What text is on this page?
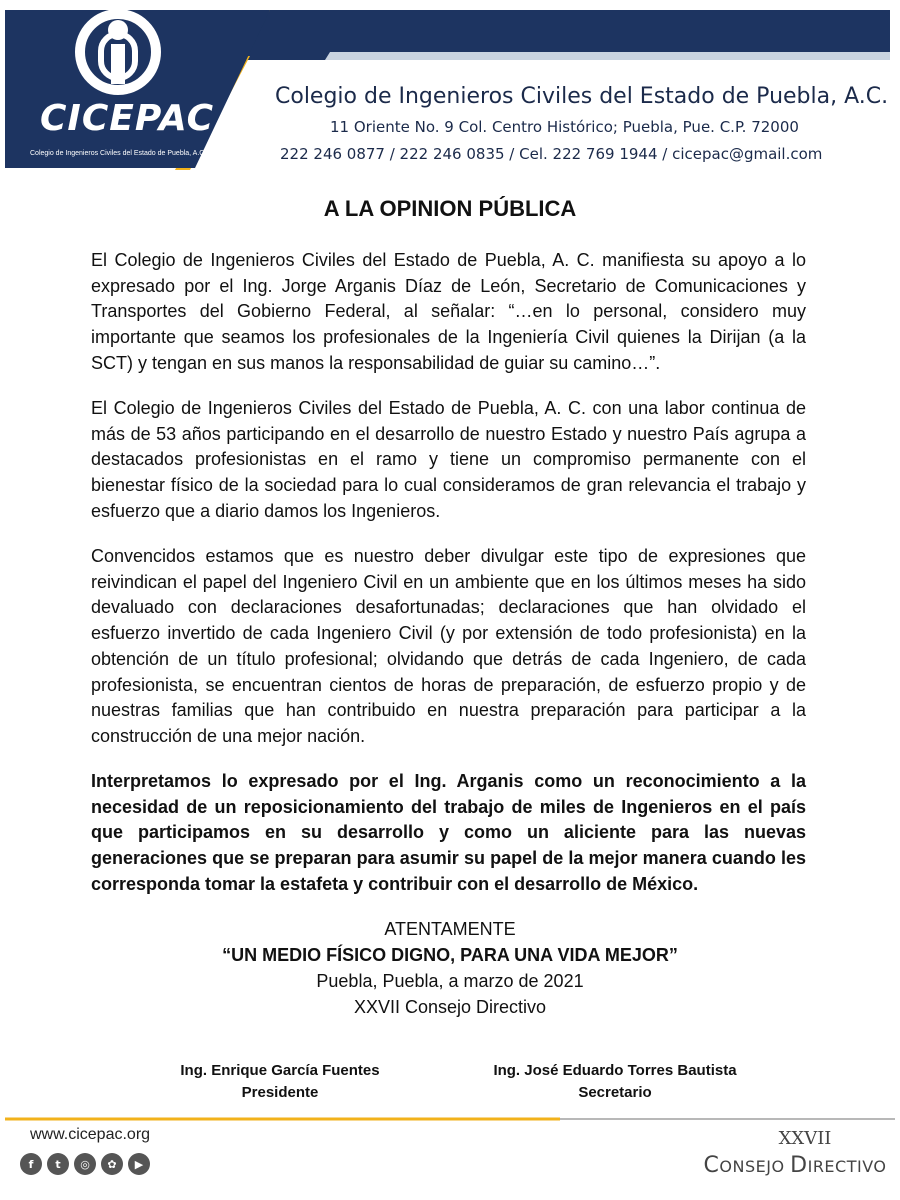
CICEPAC
Colegio de Ingenieros Civiles del Estado de Puebla, A.C.
Colegio de Ingenieros Civiles del Estado de Puebla, A.C.
11 Oriente No. 9 Col. Centro Histórico; Puebla, Pue. C.P. 72000
222 246 0877 / 222 246 0835 / Cel. 222 769 1944 / cicepac@gmail.com
A LA OPINION PÚBLICA

El Colegio de Ingenieros Civiles del Estado de Puebla, A. C. manifiesta su apoyo a lo expresado por el Ing. Jorge Arganis Díaz de León, Secretario de Comunicaciones y Transportes del Gobierno Federal, al señalar: “…en lo personal, considero muy importante que seamos los profesionales de la Ingeniería Civil quienes la Dirijan (a la SCT) y tengan en sus manos la responsabilidad de guiar su camino…”.

El Colegio de Ingenieros Civiles del Estado de Puebla, A. C. con una labor continua de más de 53 años participando en el desarrollo de nuestro Estado y nuestro País agrupa a destacados profesionistas en el ramo y tiene un compromiso permanente con el bienestar físico de la sociedad para lo cual consideramos de gran relevancia el trabajo y esfuerzo que a diario damos los Ingenieros.

Convencidos estamos que es nuestro deber divulgar este tipo de expresiones que reivindican el papel del Ingeniero Civil en un ambiente que en los últimos meses ha sido devaluado con declaraciones desafortunadas; declaraciones que han olvidado el esfuerzo invertido de cada Ingeniero Civil (y por extensión de todo profesionista) en la obtención de un título profesional; olvidando que detrás de cada Ingeniero, de cada profesionista, se encuentran cientos de horas de preparación, de esfuerzo propio y de nuestras familias que han contribuido en nuestra preparación para participar a la construcción de una mejor nación.

Interpretamos lo expresado por el Ing. Arganis como un reconocimiento a la necesidad de un reposicionamiento del trabajo de miles de Ingenieros en el país que participamos en su desarrollo y como un aliciente para las nuevas generaciones que se preparan para asumir su papel de la mejor manera cuando les corresponda tomar la estafeta y contribuir con el desarrollo de México.

ATENTAMENTE
“UN MEDIO FÍSICO DIGNO, PARA UNA VIDA MEJOR”
Puebla, Puebla, a marzo de 2021
XXVII Consejo Directivo
Ing. Enrique García Fuentes
Presidente
Ing. José Eduardo Torres Bautista
Secretario
www.cicepac.org
f	t	◎	✿	▶
XXVII
CONSEJO DIRECTIVO
